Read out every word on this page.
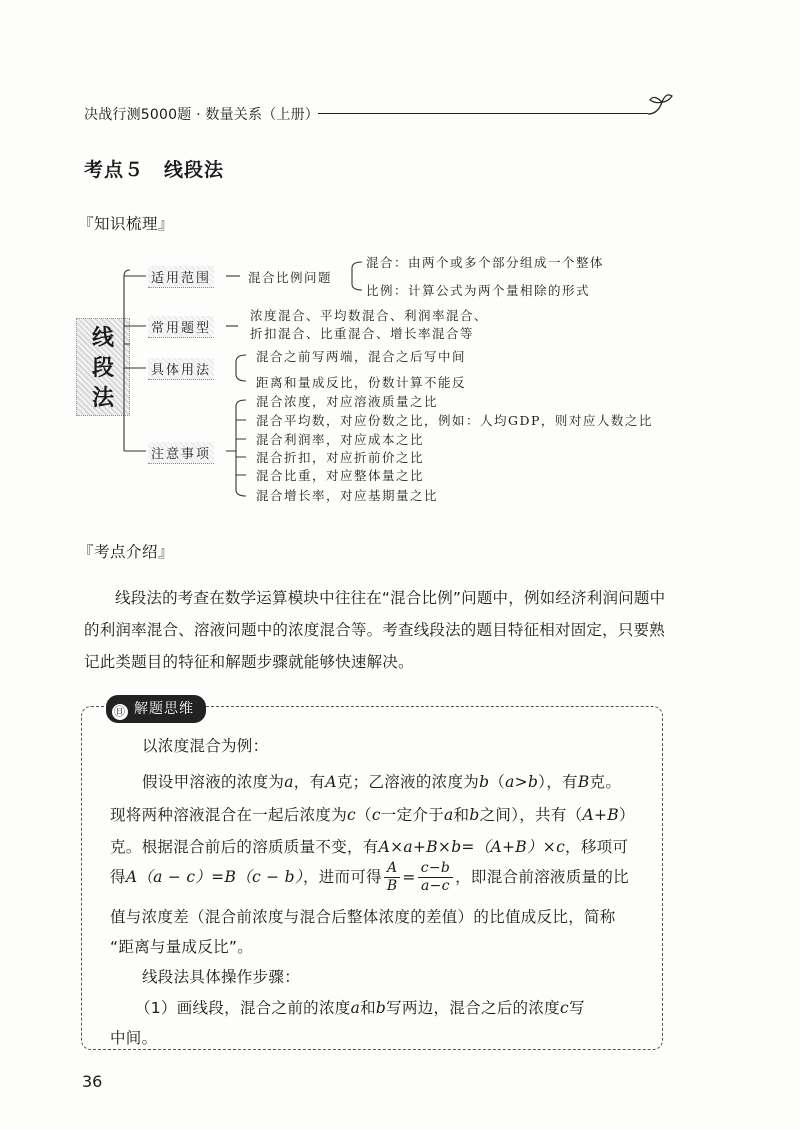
决战行测5000题 · 数量关系（上册）
考点５　线段法
『知识梳理』
线
段
法
适用范围	混合比例问题
混合：由两个或多个部分组成一个整体
比例：计算公式为两个量相除的形式
常用题型
浓度混合、平均数混合、利润率混合、
折扣混合、比重混合、增长率混合等
具体用法
混合之前写两端，混合之后写中间
距离和量成反比，份数计算不能反
注意事项
混合浓度，对应溶液质量之比
混合平均数，对应份数之比，例如：人均GDP，则对应人数之比
混合利润率，对应成本之比
混合折扣，对应折前价之比
混合比重，对应整体量之比
混合增长率，对应基期量之比
『考点介绍』

线段法的考查在数学运算模块中往往在“混合比例”问题中，例如经济利润问题中的利润率混合、溶液问题中的浓度混合等。考查线段法的题目特征相对固定，只要熟记此类题目的特征和解题步骤就能够快速解决。

㊐ 解题思维
以浓度混合为例：
假设甲溶液的浓度为a，有A克；乙溶液的浓度为b（a>b），有B克。
现将两种溶液混合在一起后浓度为c（c一定介于a和b之间），共有（A+B）
克。根据混合前后的溶质质量不变，有A×a+B×b=（A+B）×c，移项可
得A（a − c）=B（c − b），进而可得 $\frac{A}{B} = \frac{c-b}{a-c}$ ，即混合前溶液质量的比
值与浓度差（混合前浓度与混合后整体浓度的差值）的比值成反比，简称
“距离与量成反比”。
线段法具体操作步骤：
（1）画线段，混合之前的浓度a和b写两边，混合之后的浓度c写
中间。
36
